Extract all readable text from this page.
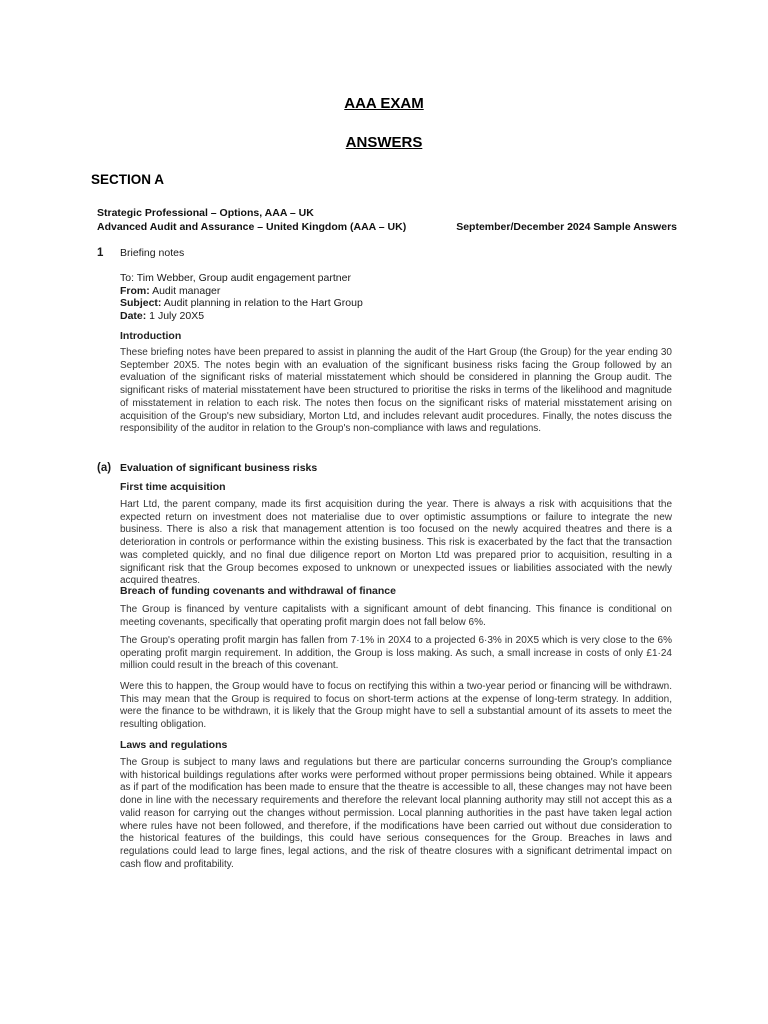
AAA EXAM
ANSWERS
SECTION A
Strategic Professional – Options, AAA – UK
Advanced Audit and Assurance – United Kingdom (AAA – UK)	September/December 2024 Sample Answers
1 Briefing notes
To: Tim Webber, Group audit engagement partner
From: Audit manager
Subject: Audit planning in relation to the Hart Group
Date: 1 July 20X5
Introduction

These briefing notes have been prepared to assist in planning the audit of the Hart Group (the Group) for the year ending 30 September 20X5. The notes begin with an evaluation of the significant business risks facing the Group followed by an evaluation of the significant risks of material misstatement which should be considered in planning the Group audit. The significant risks of material misstatement have been structured to prioritise the risks in terms of the likelihood and magnitude of misstatement in relation to each risk. The notes then focus on the significant risks of material misstatement arising on acquisition of the Group's new subsidiary, Morton Ltd, and includes relevant audit procedures. Finally, the notes discuss the responsibility of the auditor in relation to the Group's non-compliance with laws and regulations.

(a) Evaluation of significant business risks
First time acquisition

Hart Ltd, the parent company, made its first acquisition during the year. There is always a risk with acquisitions that the expected return on investment does not materialise due to over optimistic assumptions or failure to integrate the new business. There is also a risk that management attention is too focused on the newly acquired theatres and there is a deterioration in controls or performance within the existing business. This risk is exacerbated by the fact that the transaction was completed quickly, and no final due diligence report on Morton Ltd was prepared prior to acquisition, resulting in a significant risk that the Group becomes exposed to unknown or unexpected issues or liabilities associated with the newly acquired theatres.

Breach of funding covenants and withdrawal of finance

The Group is financed by venture capitalists with a significant amount of debt financing. This finance is conditional on meeting covenants, specifically that operating profit margin does not fall below 6%.

The Group's operating profit margin has fallen from 7·1% in 20X4 to a projected 6·3% in 20X5 which is very close to the 6% operating profit margin requirement. In addition, the Group is loss making. As such, a small increase in costs of only £1·24 million could result in the breach of this covenant.

Were this to happen, the Group would have to focus on rectifying this within a two-year period or financing will be withdrawn. This may mean that the Group is required to focus on short-term actions at the expense of long-term strategy. In addition, were the finance to be withdrawn, it is likely that the Group might have to sell a substantial amount of its assets to meet the resulting obligation.

Laws and regulations

The Group is subject to many laws and regulations but there are particular concerns surrounding the Group's compliance with historical buildings regulations after works were performed without proper permissions being obtained. While it appears as if part of the modification has been made to ensure that the theatre is accessible to all, these changes may not have been done in line with the necessary requirements and therefore the relevant local planning authority may still not accept this as a valid reason for carrying out the changes without permission. Local planning authorities in the past have taken legal action where rules have not been followed, and therefore, if the modifications have been carried out without due consideration to the historical features of the buildings, this could have serious consequences for the Group. Breaches in laws and regulations could lead to large fines, legal actions, and the risk of theatre closures with a significant detrimental impact on cash flow and profitability.
